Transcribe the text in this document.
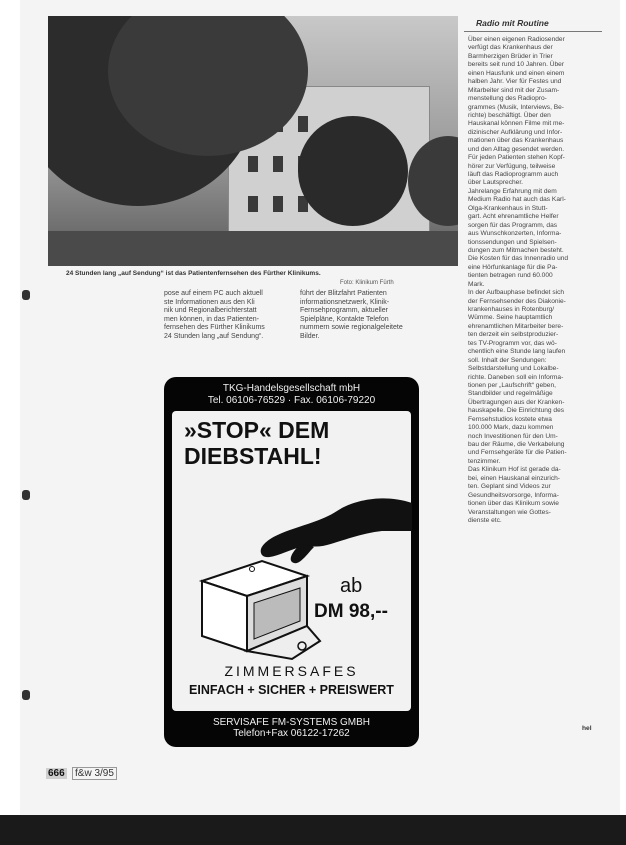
24 Stunden lang „auf Sendung“ ist das Patientenfernsehen des Fürther Klinikums.
Foto: Klinikum Fürth
pose auf einem PC auch aktuell
ste Informationen aus den Kli
nik und Regionalberichterstatt
men können, in das Patienten-
fernsehen des Fürther Klinikums
24 Stunden lang „auf Sendung“.
führt der Blitzfahrt Patienten
informationsnetzwerk, Klinik-
Fernsehprogramm, aktueller
Spielpläne, Kontakte Telefon
nummern sowie regionalgeleitete
Bilder.
Radio mit Routine
Über einen eigenen Radiosender
verfügt das Krankenhaus der
Barmherzigen Brüder in Trier
bereits seit rund 10 Jahren. Über
einen Hausfunk und einen einem
halben Jahr. Vier für Festes und
Mitarbeiter sind mit der Zusam-
menstellung des Radiopro-
grammes (Musik, Interviews, Be-
richte) beschäftigt. Über den
Hauskanal können Filme mit me-
dizinischer Aufklärung und Infor-
mationen über das Krankenhaus
und den Alltag gesendet werden.
Für jeden Patienten stehen Kopf-
hörer zur Verfügung, teilweise
läuft das Radioprogramm auch
über Lautsprecher.
Jahrelange Erfahrung mit dem
Medium Radio hat auch das Karl-
Olga-Krankenhaus in Stutt-
gart. Acht ehrenamtliche Helfer
sorgen für das Programm, das
aus Wunschkonzerten, Informa-
tionssendungen und Spielsen-
dungen zum Mitmachen besteht.
Die Kosten für das Innenradio und
eine Hörfunkanlage für die Pa-
tienten betragen rund 60.000
Mark.
In der Aufbauphase befindet sich
der Fernsehsender des Diakonie-
krankenhauses in Rotenburg/
Wümme. Seine hauptamtlich
ehrenamtlichen Mitarbeiter bere-
ten derzeit ein selbstproduzier-
tes TV-Programm vor, das wö-
chentlich eine Stunde lang laufen
soll. Inhalt der Sendungen:
Selbstdarstellung und Lokalbe-
richte. Daneben soll ein Informa-
tionen per „Laufschrift“ geben,
Standbilder und regelmäßige
Übertragungen aus der Kranken-
hauskapelle. Die Einrichtung des
Fernsehstudios kostete etwa
100.000 Mark, dazu kommen
noch Investitionen für den Um-
bau der Räume, die Verkabelung
und Fernsehgeräte für die Patien-
tenzimmer.
Das Klinikum Hof ist gerade da-
bei, einen Hauskanal einzurich-
ten. Geplant sind Videos zur
Gesundheitsvorsorge, Informa-
tionen über das Klinikum sowie
Veranstaltungen wie Gottes-
dienste etc.
hel
TKG-Handelsgesellschaft mbH
Tel. 06106-76529 · Fax. 06106-79220
»STOP« DEM
DIEBSTAHL!
ab
DM 98,--
ZIMMERSAFES
EINFACH + SICHER + PREISWERT
SERVISAFE FM-SYSTEMS GMBH
Telefon+Fax 06122-17262
666	f&w 3/95
